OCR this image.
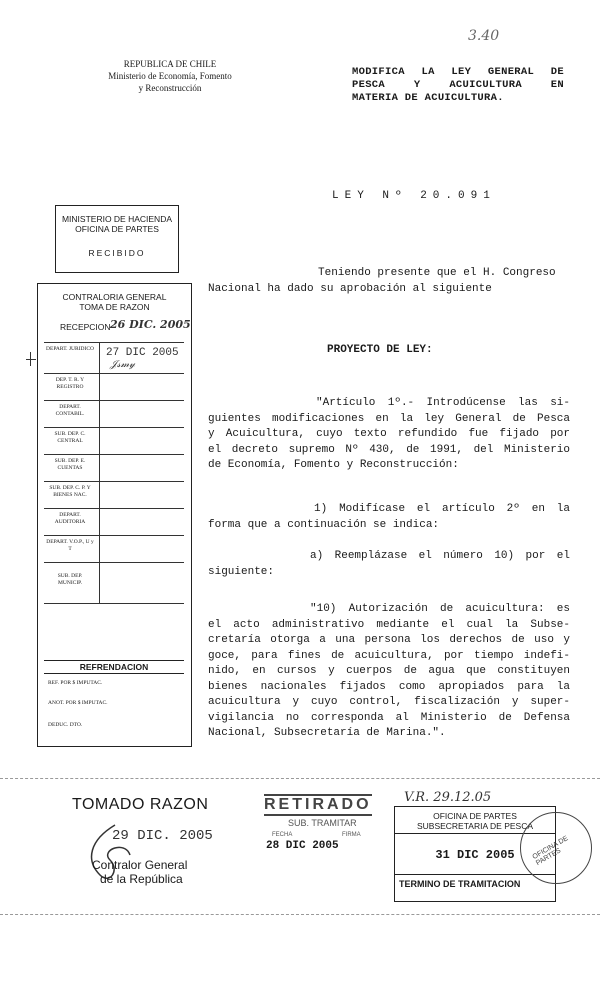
3.40
REPUBLICA DE CHILE
Ministerio de Economía, Fomento
y Reconstrucción
MODIFICA LA LEY GENERAL DE
PESCA Y ACUICULTURA EN
MATERIA DE ACUICULTURA.
LEY Nº 20.091
MINISTERIO DE HACIENDA
OFICINA DE PARTES
RECIBIDO
CONTRALORIA GENERAL
TOMA DE RAZON
RECEPCION 26 DIC. 2005
DEPART. JURIDICO 27 DIC 2005
𝒥𝓈𝓂𝓎
DEP. T. R. Y REGISTRO
DEPART. CONTABIL.
SUB. DEP. C. CENTRAL
SUB. DEP. E. CUENTAS
SUB. DEP. C. P. Y BIENES NAC.
DEPART. AUDITORIA
DEPART. V.O.P., U y T
SUB. DEP. MUNICIP.
REFRENDACION
REF. POR $ IMPUTAC.
ANOT. POR $ IMPUTAC.
DEDUC. DTO.
Teniendo presente que el H. Congreso
Nacional ha dado su aprobación al siguiente
PROYECTO DE LEY:
"Artículo 1º.- Introdúcense las si-
guientes modificaciones en la ley General de Pesca
y Acuicultura, cuyo texto refundido fue fijado por
el decreto supremo Nº 430, de 1991, del Ministerio
de Economía, Fomento y Reconstrucción:
1) Modifícase el artículo 2º en la
forma que a continuación se indica:
a) Reemplázase el número 10) por el
siguiente:
"10) Autorización de acuicultura: es
el acto administrativo mediante el cual la Subse-
cretaría otorga a una persona los derechos de uso y
goce, para fines de acuicultura, por tiempo indefi-
nido, en cursos y cuerpos de agua que constituyen
bienes nacionales fijados como apropiados para la
acuicultura y cuyo control, fiscalización y super-
vigilancia no corresponda al Ministerio de Defensa
Nacional, Subsecretaría de Marina.".
TOMADO RAZON
29 DIC. 2005
Contralor General
de la República
RETIRADO
SUB. TRAMITAR
FECHA	FIRMA
28 DIC 2005
V.R. 29.12.05
OFICINA DE PARTES
SUBSECRETARIA DE PESCA
31 DIC 2005
TERMINO DE TRAMITACION
OFICINA DE PARTES
